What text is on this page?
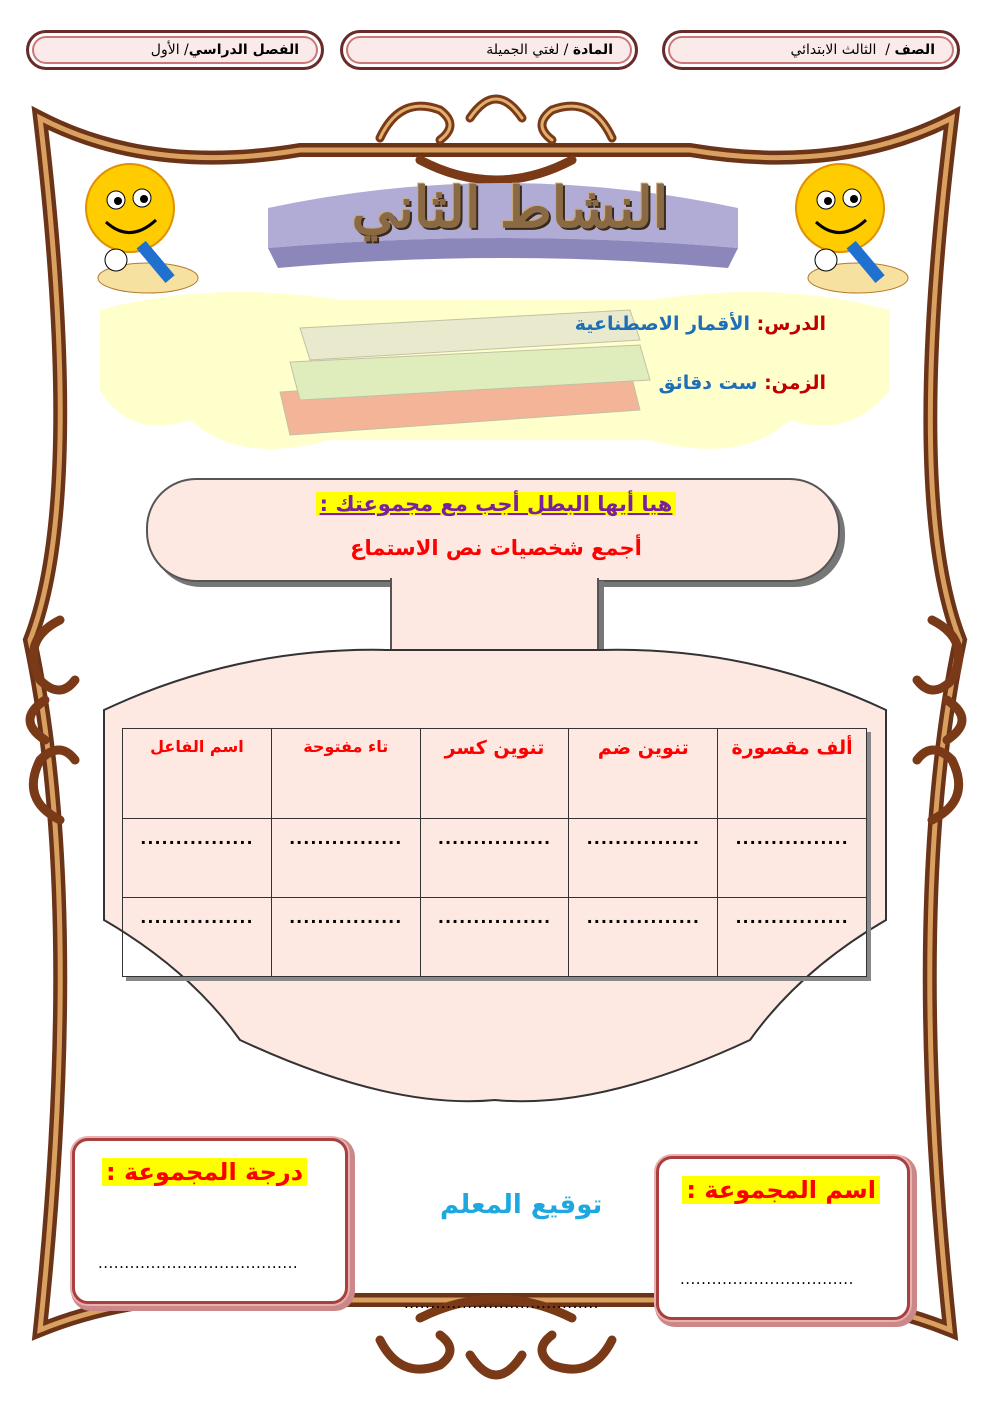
الصف /  الثالث الابتدائي
المادة / لغتي الجميلة
الفصل الدراسي/ الأول
النشاط الثاني
الدرس: الأقمار الاصطناعية
الزمن: ست دقائق
هيا أيها البطل أجب مع مجموعتك :
أجمع شخصيات نص الاستماع
ألف مقصورة	تنوين ضم	تنوين كسر	تاء مفتوحة	اسم الفاعل

................	................	................	................	................

................	................	................	................	................
اسم المجموعة :
.................................
درجة المجموعة :
......................................
توقيع المعلم
.....................................
